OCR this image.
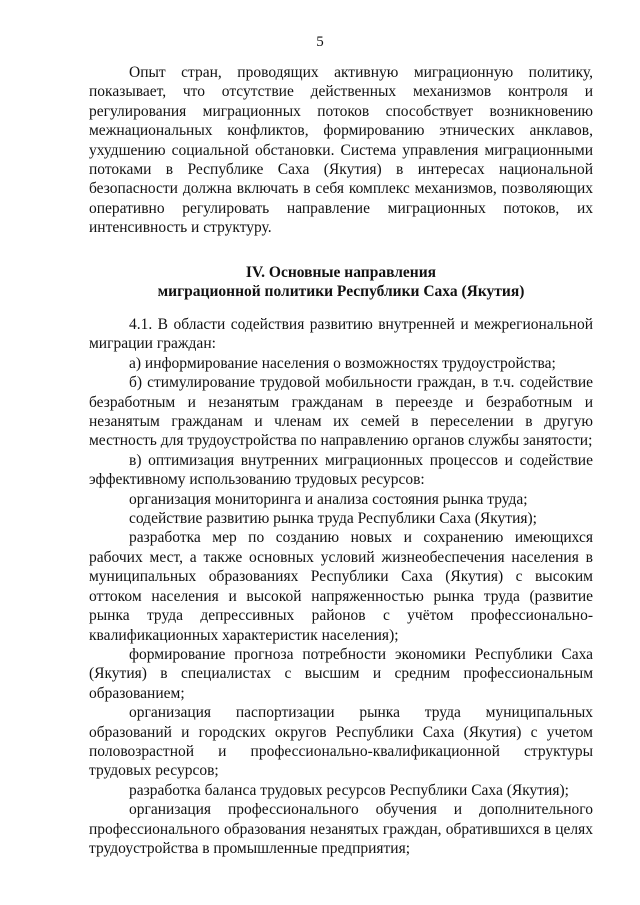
5

Опыт стран, проводящих активную миграционную политику, показывает, что отсутствие действенных механизмов контроля и регулирования миграционных потоков способствует возникновению межнациональных конфликтов, формированию этнических анклавов, ухудшению социальной обстановки. Система управления миграционными потоками в Республике Саха (Якутия) в интересах национальной безопасности должна включать в себя комплекс механизмов, позволяющих оперативно регулировать направление миграционных потоков, их интенсивность и структуру.

IV. Основные направления
миграционной политики Республики Саха (Якутия)

4.1. В области содействия развитию внутренней и межрегиональной миграции граждан:

а) информирование населения о возможностях трудоустройства;

б) стимулирование трудовой мобильности граждан, в т.ч. содействие безработным и незанятым гражданам в переезде и безработным и незанятым гражданам и членам их семей в переселении в другую местность для трудоустройства по направлению органов службы занятости;

в) оптимизация внутренних миграционных процессов и содействие эффективному использованию трудовых ресурсов:

организация мониторинга и анализа состояния рынка труда;

содействие развитию рынка труда Республики Саха (Якутия);

разработка мер по созданию новых и сохранению имеющихся рабочих мест, а также основных условий жизнеобеспечения населения в муниципальных образованиях Республики Саха (Якутия) с высоким оттоком населения и высокой напряженностью рынка труда (развитие рынка труда депрессивных районов с учётом профессионально-квалификационных характеристик населения);

формирование прогноза потребности экономики Республики Саха (Якутия) в специалистах с высшим и средним профессиональным образованием;

организация паспортизации рынка труда муниципальных образований и городских округов Республики Саха (Якутия) с учетом половозрастной и профессионально-квалификационной структуры трудовых ресурсов;

разработка баланса трудовых ресурсов Республики Саха (Якутия);

организация профессионального обучения и дополнительного профессионального образования незанятых граждан, обратившихся в целях трудоустройства в промышленные предприятия;
